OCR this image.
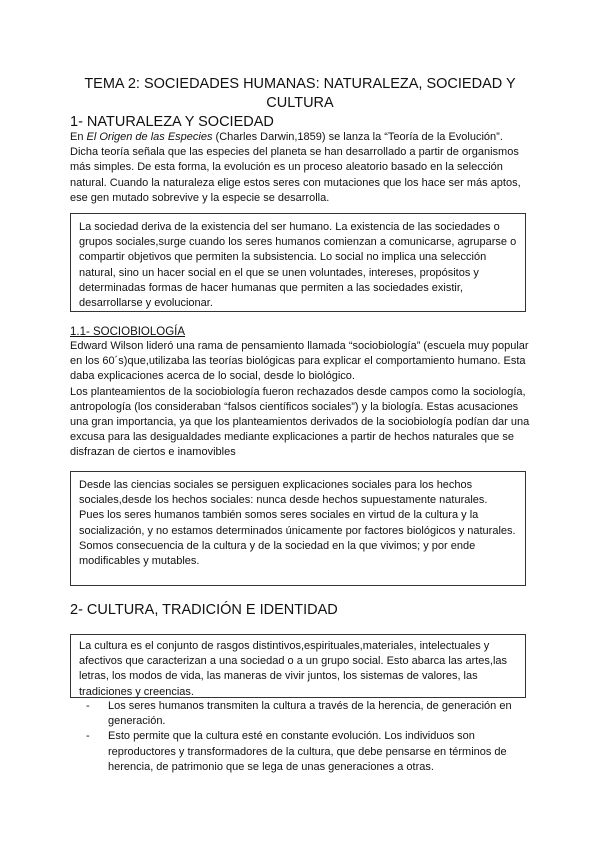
TEMA 2: SOCIEDADES HUMANAS: NATURALEZA, SOCIEDAD Y CULTURA
1- NATURALEZA Y SOCIEDAD

En El Origen de las Especies (Charles Darwin,1859) se lanza la “Teoría de la Evolución”. Dicha teoría señala que las especies del planeta se han desarrollado a partir de organismos más simples. De esta forma, la evolución es un proceso aleatorio basado en la selección natural. Cuando la naturaleza elige estos seres con mutaciones que los hace ser más aptos, ese gen mutado sobrevive y la especie se desarrolla.

La sociedad deriva de la existencia del ser humano. La existencia de las sociedades o grupos sociales,surge cuando los seres humanos comienzan a comunicarse, agruparse o compartir objetivos que permiten la subsistencia. Lo social no implica una selección natural, sino un hacer social en el que se unen voluntades, intereses, propósitos y determinadas formas de hacer humanas que permiten a las sociedades existir, desarrollarse y evolucionar.

1.1- SOCIOBIOLOGÍA

Edward Wilson lideró una rama de pensamiento llamada “sociobiología” (escuela muy popular en los 60´s)que,utilizaba las teorías biológicas para explicar el comportamiento humano. Esta daba explicaciones acerca de lo social, desde lo biológico.

Los planteamientos de la sociobiología fueron rechazados desde campos como la sociología, antropología (los consideraban “falsos científicos sociales”) y la biología. Estas acusaciones una gran importancia, ya que los planteamientos derivados de la sociobiología podían dar una excusa para las desigualdades mediante explicaciones a partir de hechos naturales que se disfrazan de ciertos e inamovibles

Desde las ciencias sociales se persiguen explicaciones sociales para los hechos sociales,desde los hechos sociales: nunca desde hechos supuestamente naturales.

Pues los seres humanos también somos seres sociales en virtud de la cultura y la socialización, y no estamos determinados únicamente por factores biológicos y naturales. Somos consecuencia de la cultura y de la sociedad en la que vivimos; y por ende modificables y mutables.

2- CULTURA, TRADICIÓN E IDENTIDAD

La cultura es el conjunto de rasgos distintivos,espirituales,materiales, intelectuales y afectivos que caracterizan a una sociedad o a un grupo social. Esto abarca las artes,las letras, los modos de vida, las maneras de vivir juntos, los sistemas de valores, las tradiciones y creencias.

- Los seres humanos transmiten la cultura a través de la herencia, de generación en generación.
- Esto permite que la cultura esté en constante evolución. Los individuos son reproductores y transformadores de la cultura, que debe pensarse en términos de herencia, de patrimonio que se lega de unas generaciones a otras.
